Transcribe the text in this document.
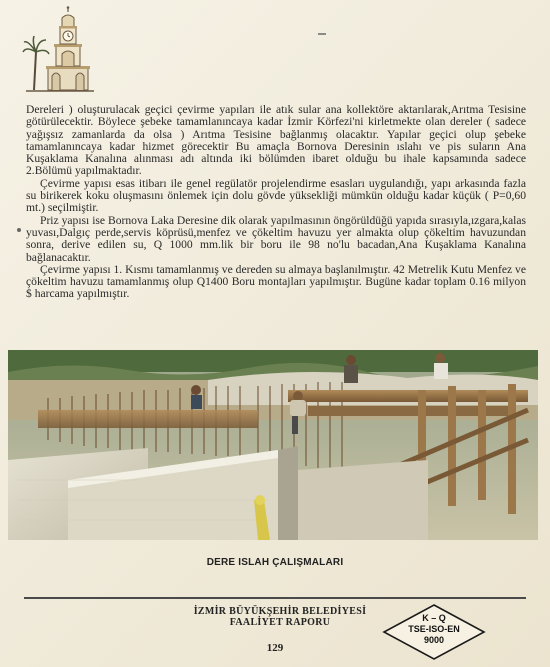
Dereleri ) oluşturulacak geçici çevirme yapıları ile atık sular ana kollektöre aktarılarak,Arıtma Tesisine götürülecektir. Böylece şebeke tamamlanıncaya kadar İzmir Körfezi'ni kirletmekte olan dereler ( sadece yağışsız zamanlarda da olsa ) Arıtma Tesisine bağlanmış olacaktır. Yapılar geçici olup şebeke tamamlanıncaya kadar hizmet görecektir Bu amaçla Bornova Deresinin ıslahı ve pis suların Ana Kuşaklama Kanalına alınması adı altında iki bölümden ibaret olduğu bu ihale kapsamında sadece 2.Bölümü yapılmaktadır.

Çevirme yapısı esas itibarı ile genel regülatör projelendirme esasları uygulandığı, yapı arkasında fazla su birikerek koku oluşmasını önlemek için dolu gövde yüksekliği mümkün olduğu kadar küçük ( P=0,60 mt.) seçilmiştir.

Priz yapısı ise Bornova Laka Deresine dik olarak yapılmasının öngörüldüğü yapıda sırasıyla,ızgara,kalas yuvası,Dalgıç perde,servis köprüsü,menfez ve çökeltim havuzu yer almakta olup çökeltim havuzundan sonra, derive edilen su, Q 1000 mm.lik bir boru ile 98 no'lu bacadan,Ana Kuşaklama Kanalına bağlanacaktır.

Çevirme yapısı 1. Kısmı tamamlanmış ve dereden su almaya başlanılmıştır. 42 Metrelik Kutu Menfez ve çökeltim havuzu tamamlanmış olup Q1400 Boru montajları yapılmıştır. Bugüne kadar toplam 0.16 milyon $ harcama yapılmıştır.

DERE ISLAH ÇALIŞMALARI
İZMİR BÜYÜKŞEHİR BELEDİYESİ
FAALİYET RAPORU
129
K – Q
TSE-ISO-EN
9000
